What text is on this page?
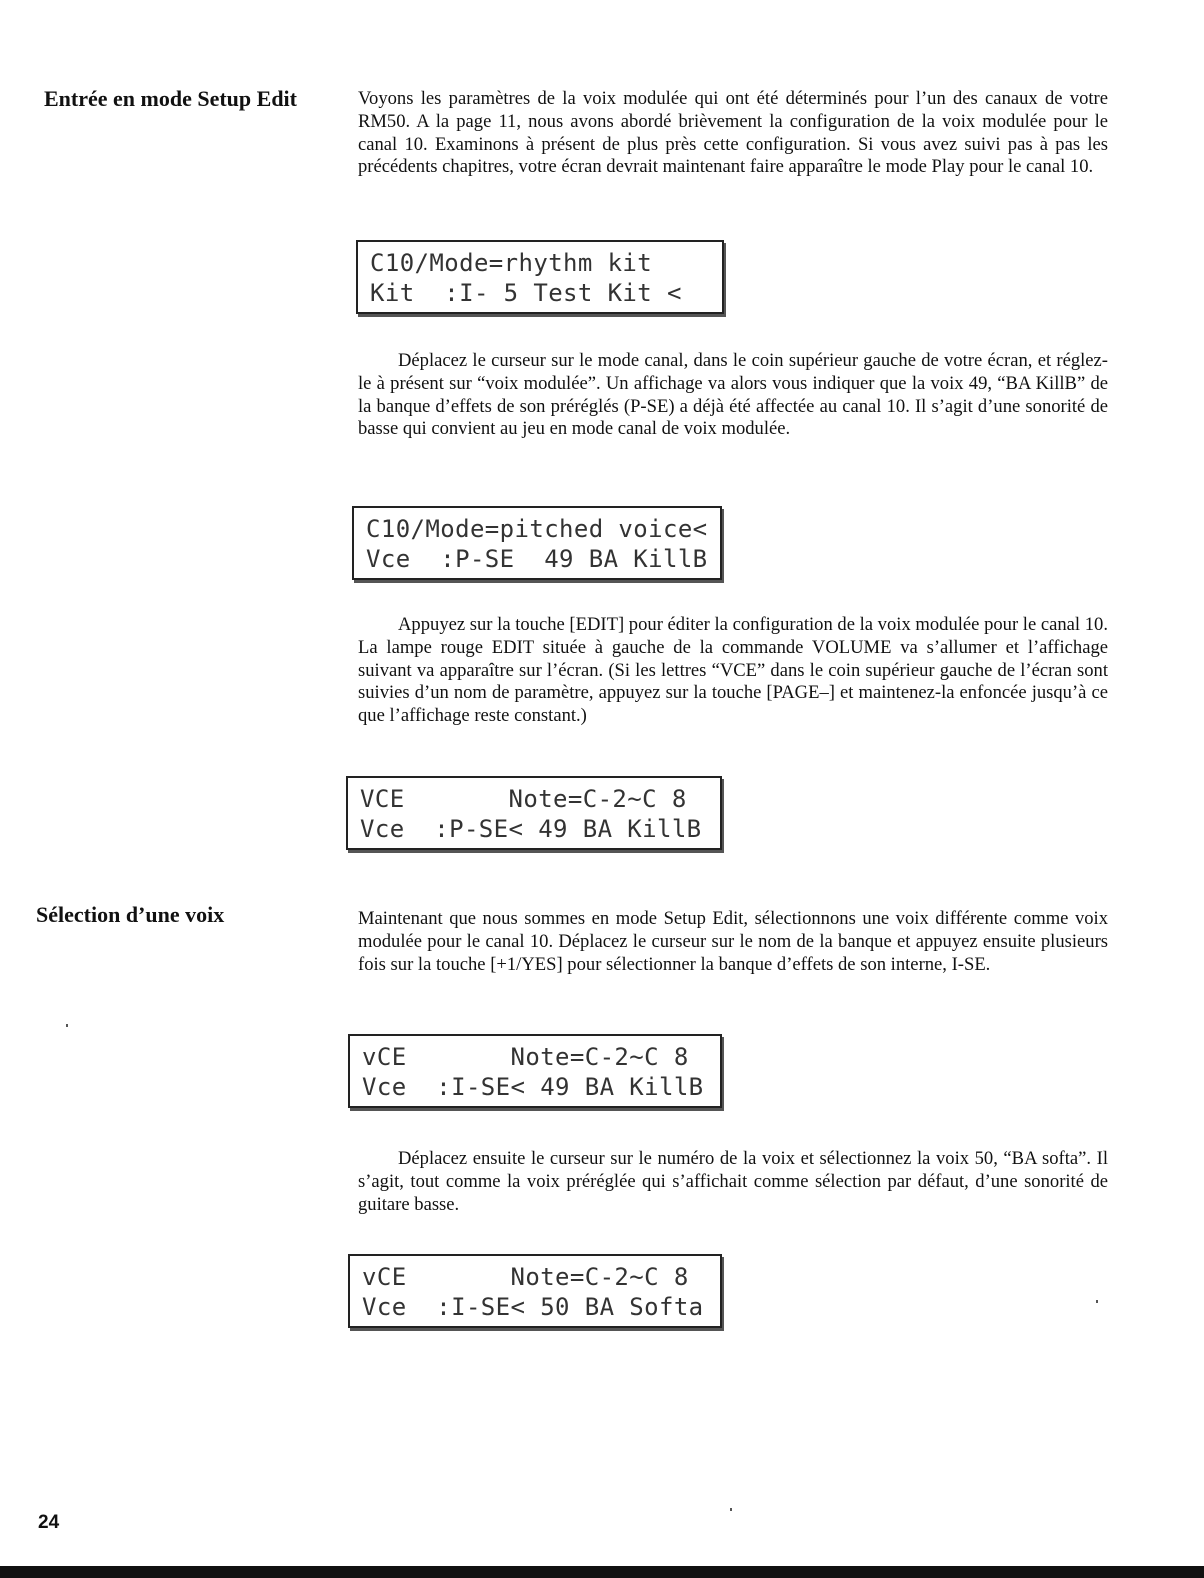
Entrée en mode Setup Edit	Voyons les paramètres de la voix modulée qui ont été déterminés pour l’un des canaux de votre RM50. A la page 11, nous avons abordé brièvement la configuration de la voix modulée pour le canal 10. Examinons à présent de plus près cette configuration. Si vous avez suivi pas à pas les précédents chapitres, votre écran devrait maintenant faire apparaître le mode Play pour le canal 10.

C10/Mode=rhythm kit
Kit  :I- 5 Test Kit <

Déplacez le curseur sur le mode canal, dans le coin supérieur gauche de votre écran, et réglez-le à présent sur “voix modulée”. Un affichage va alors vous indiquer que la voix 49, “BA KillB” de la banque d’effets de son préréglés (P-SE) a déjà été affectée au canal 10. Il s’agit d’une sonorité de basse qui convient au jeu en mode canal de voix modulée.

C10/Mode=pitched voice<
Vce  :P-SE  49 BA KillB

Appuyez sur la touche [EDIT] pour éditer la configuration de la voix modulée pour le canal 10. La lampe rouge EDIT située à gauche de la commande VOLUME va s’allumer et l’affichage suivant va apparaître sur l’écran. (Si les lettres “VCE” dans le coin supérieur gauche de l’écran sont suivies d’un nom de paramètre, appuyez sur la touche [PAGE–] et maintenez-la enfoncée jusqu’à ce que l’affichage reste constant.)

VCE       Note=C-2~C 8
Vce  :P-SE< 49 BA KillB
Sélection d’une voix	Maintenant que nous sommes en mode Setup Edit, sélectionnons une voix différente comme voix modulée pour le canal 10. Déplacez le curseur sur le nom de la banque et appuyez ensuite plusieurs fois sur la touche [+1/YES] pour sélectionner la banque d’effets de son interne, I-SE.

vCE       Note=C-2~C 8
Vce  :I-SE< 49 BA KillB

Déplacez ensuite le curseur sur le numéro de la voix et sélectionnez la voix 50, “BA softa”. Il s’agit, tout comme la voix préréglée qui s’affichait comme sélection par défaut, d’une sonorité de guitare basse.

vCE       Note=C-2~C 8
Vce  :I-SE< 50 BA Softa

24
